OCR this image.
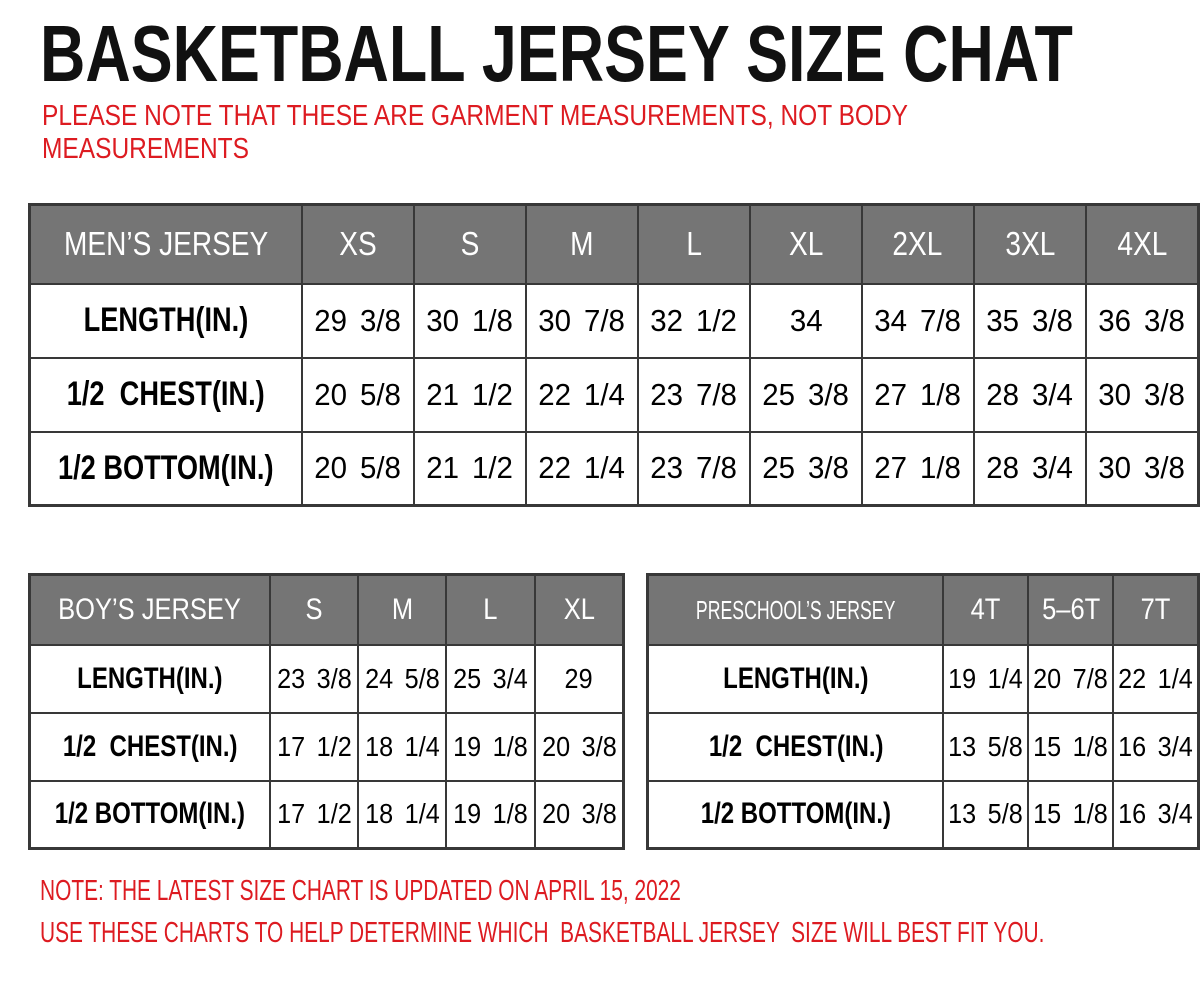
BASKETBALL JERSEY SIZE CHAT

PLEASE NOTE THAT THESE ARE GARMENT MEASUREMENTS, NOT BODY MEASUREMENTS

MEN’S JERSEY	XS	S	M	L	XL	2XL	3XL	4XL
LENGTH(IN.)	29 3/8	30 1/8	30 7/8	32 1/2	34	34 7/8	35 3/8	36 3/8
1/2  CHEST(IN.)	20 5/8	21 1/2	22 1/4	23 7/8	25 3/8	27 1/8	28 3/4	30 3/8
1/2 BOTTOM(IN.)	20 5/8	21 1/2	22 1/4	23 7/8	25 3/8	27 1/8	28 3/4	30 3/8
BOY’S JERSEY	S	M	L	XL
LENGTH(IN.)	23 3/8	24 5/8	25 3/4	29
1/2  CHEST(IN.)	17 1/2	18 1/4	19 1/8	20 3/8
1/2 BOTTOM(IN.)	17 1/2	18 1/4	19 1/8	20 3/8
PRESCHOOL’S JERSEY	4T	5–6T	7T
LENGTH(IN.)	19 1/4	20 7/8	22 1/4
1/2  CHEST(IN.)	13 5/8	15 1/8	16 3/4
1/2 BOTTOM(IN.)	13 5/8	15 1/8	16 3/4

NOTE: THE LATEST SIZE CHART IS UPDATED ON APRIL 15, 2022

USE THESE CHARTS TO HELP DETERMINE WHICH  BASKETBALL JERSEY  SIZE WILL BEST FIT YOU.
